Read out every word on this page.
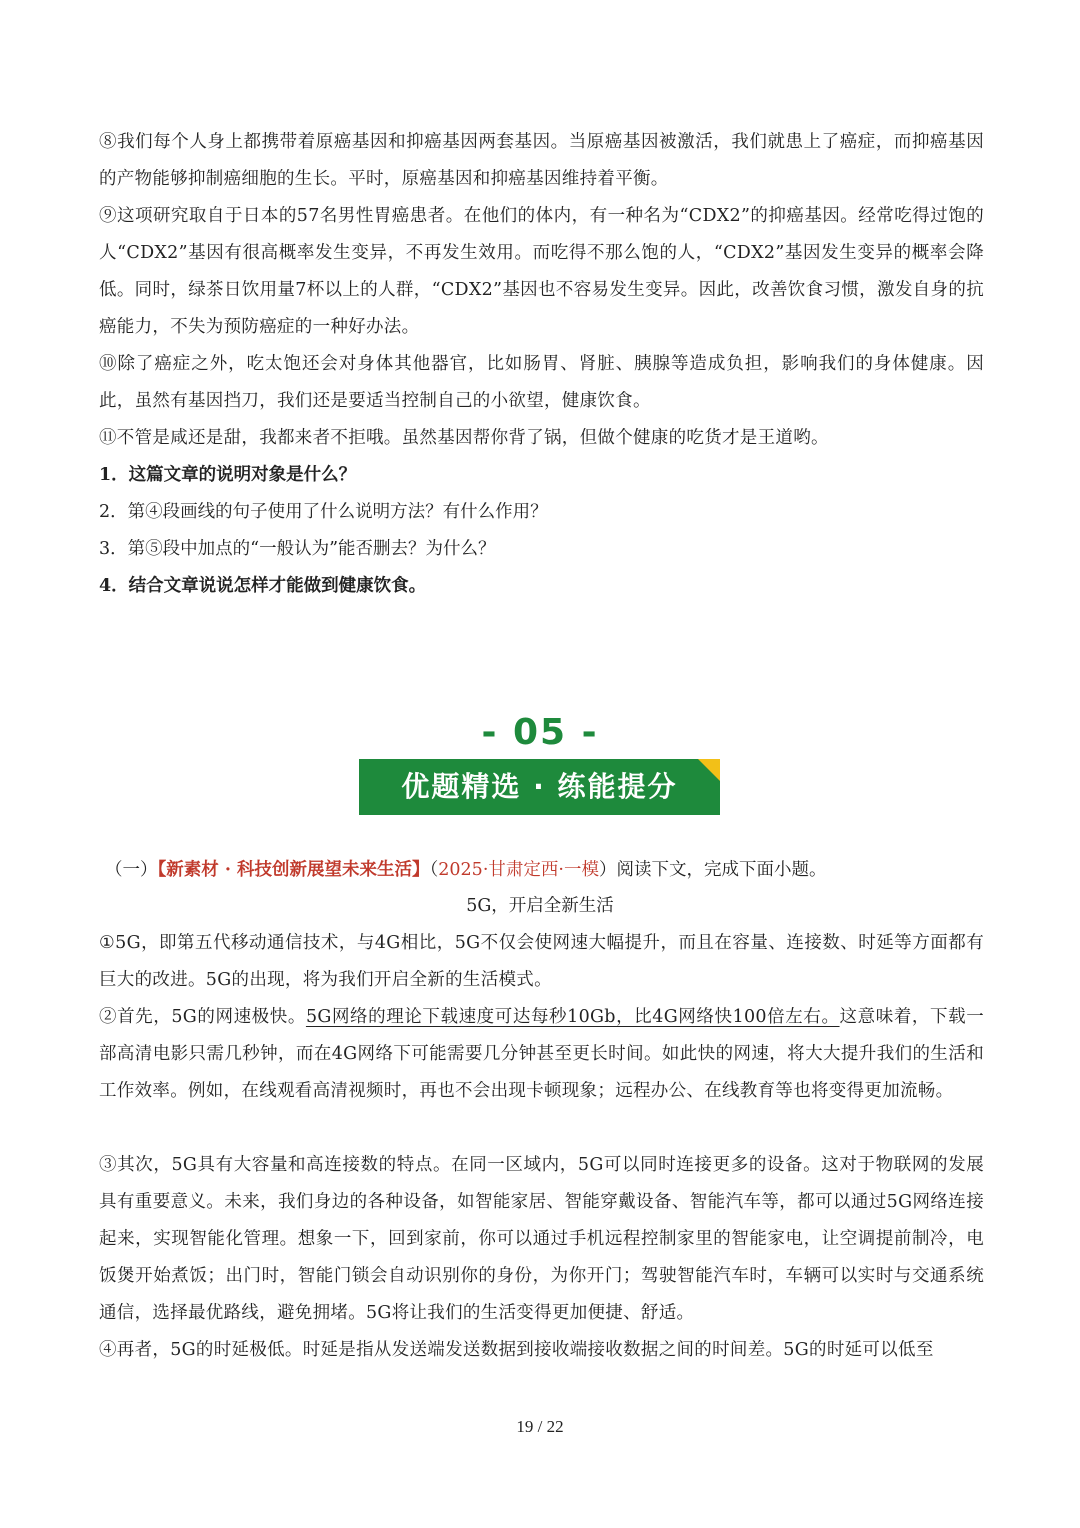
⑧我们每个人身上都携带着原癌基因和抑癌基因两套基因。当原癌基因被激活，我们就患上了癌症，而抑癌基因的产物能够抑制癌细胞的生长。平时，原癌基因和抑癌基因维持着平衡。

⑨这项研究取自于日本的57名男性胃癌患者。在他们的体内，有一种名为“CDX2”的抑癌基因。经常吃得过饱的人“CDX2”基因有很高概率发生变异，不再发生效用。而吃得不那么饱的人，“CDX2”基因发生变异的概率会降低。同时，绿茶日饮用量7杯以上的人群，“CDX2”基因也不容易发生变异。因此，改善饮食习惯，激发自身的抗癌能力，不失为预防癌症的一种好办法。

⑩除了癌症之外，吃太饱还会对身体其他器官，比如肠胃、肾脏、胰腺等造成负担，影响我们的身体健康。因此，虽然有基因挡刀，我们还是要适当控制自己的小欲望，健康饮食。

⑪不管是咸还是甜，我都来者不拒哦。虽然基因帮你背了锅，但做个健康的吃货才是王道哟。

1．这篇文章的说明对象是什么？

2．第④段画线的句子使用了什么说明方法？有什么作用？

3．第⑤段中加点的“一般认为”能否删去？为什么？

4．结合文章说说怎样才能做到健康饮食。

- 05 -
优题精选 · 练能提分

（一）【新素材 · 科技创新展望未来生活】（2025·甘肃定西·一模）阅读下文，完成下面小题。

5G，开启全新生活

①5G，即第五代移动通信技术，与4G相比，5G不仅会使网速大幅提升，而且在容量、连接数、时延等方面都有巨大的改进。5G的出现，将为我们开启全新的生活模式。

②首先，5G的网速极快。5G网络的理论下载速度可达每秒10Gb，比4G网络快100倍左右。这意味着，下载一部高清电影只需几秒钟，而在4G网络下可能需要几分钟甚至更长时间。如此快的网速，将大大提升我们的生活和工作效率。例如，在线观看高清视频时，再也不会出现卡顿现象；远程办公、在线教育等也将变得更加流畅。

③其次，5G具有大容量和高连接数的特点。在同一区域内，5G可以同时连接更多的设备。这对于物联网的发展具有重要意义。未来，我们身边的各种设备，如智能家居、智能穿戴设备、智能汽车等，都可以通过5G网络连接起来，实现智能化管理。想象一下，回到家前，你可以通过手机远程控制家里的智能家电，让空调提前制冷，电饭煲开始煮饭；出门时，智能门锁会自动识别你的身份，为你开门；驾驶智能汽车时，车辆可以实时与交通系统通信，选择最优路线，避免拥堵。5G将让我们的生活变得更加便捷、舒适。

④再者，5G的时延极低。时延是指从发送端发送数据到接收端接收数据之间的时间差。5G的时延可以低至

19 / 22
